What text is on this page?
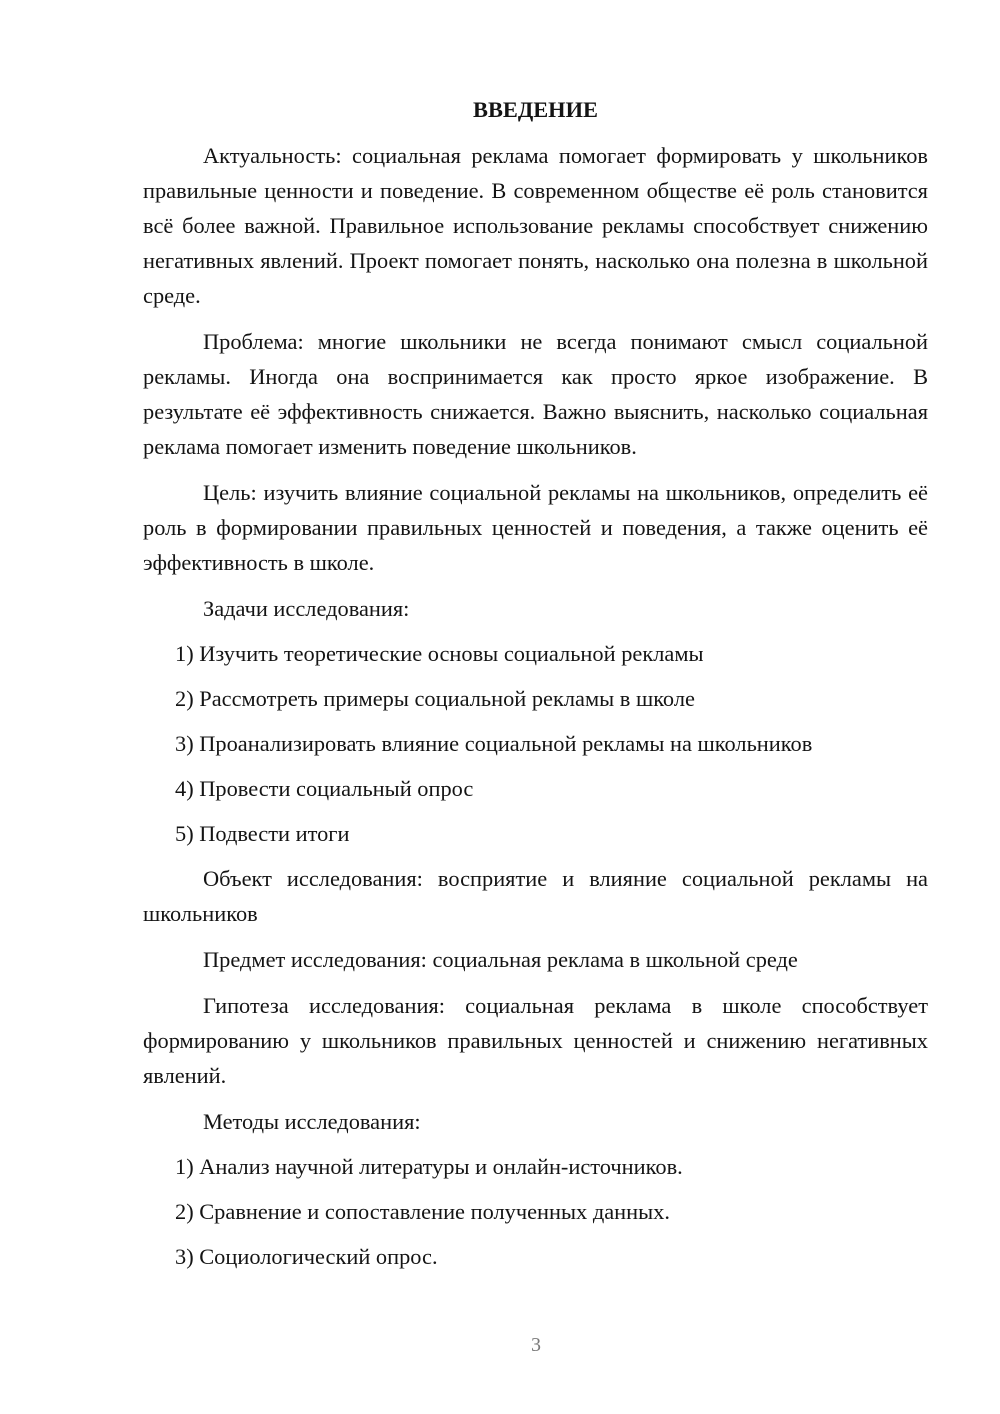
ВВЕДЕНИЕ

Актуальность: социальная реклама помогает формировать у школьников правильные ценности и поведение. В современном обществе её роль становится всё более важной. Правильное использование рекламы способствует снижению негативных явлений. Проект помогает понять, насколько она полезна в школьной среде.

Проблема: многие школьники не всегда понимают смысл социальной рекламы. Иногда она воспринимается как просто яркое изображение. В результате её эффективность снижается. Важно выяснить, насколько социальная реклама помогает изменить поведение школьников.

Цель: изучить влияние социальной рекламы на школьников, определить её роль в формировании правильных ценностей и поведения, а также оценить её эффективность в школе.

Задачи исследования:

1) Изучить теоретические основы социальной рекламы

2) Рассмотреть примеры социальной рекламы в школе

3) Проанализировать влияние социальной рекламы на школьников

4) Провести социальный опрос

5) Подвести итоги

Объект исследования: восприятие и влияние социальной рекламы на школьников

Предмет исследования: социальная реклама в школьной среде

Гипотеза исследования: социальная реклама в школе способствует формированию у школьников правильных ценностей и снижению негативных явлений.

Методы исследования:

1) Анализ научной литературы и онлайн-источников.

2) Сравнение и сопоставление полученных данных.

3) Социологический опрос.

3
